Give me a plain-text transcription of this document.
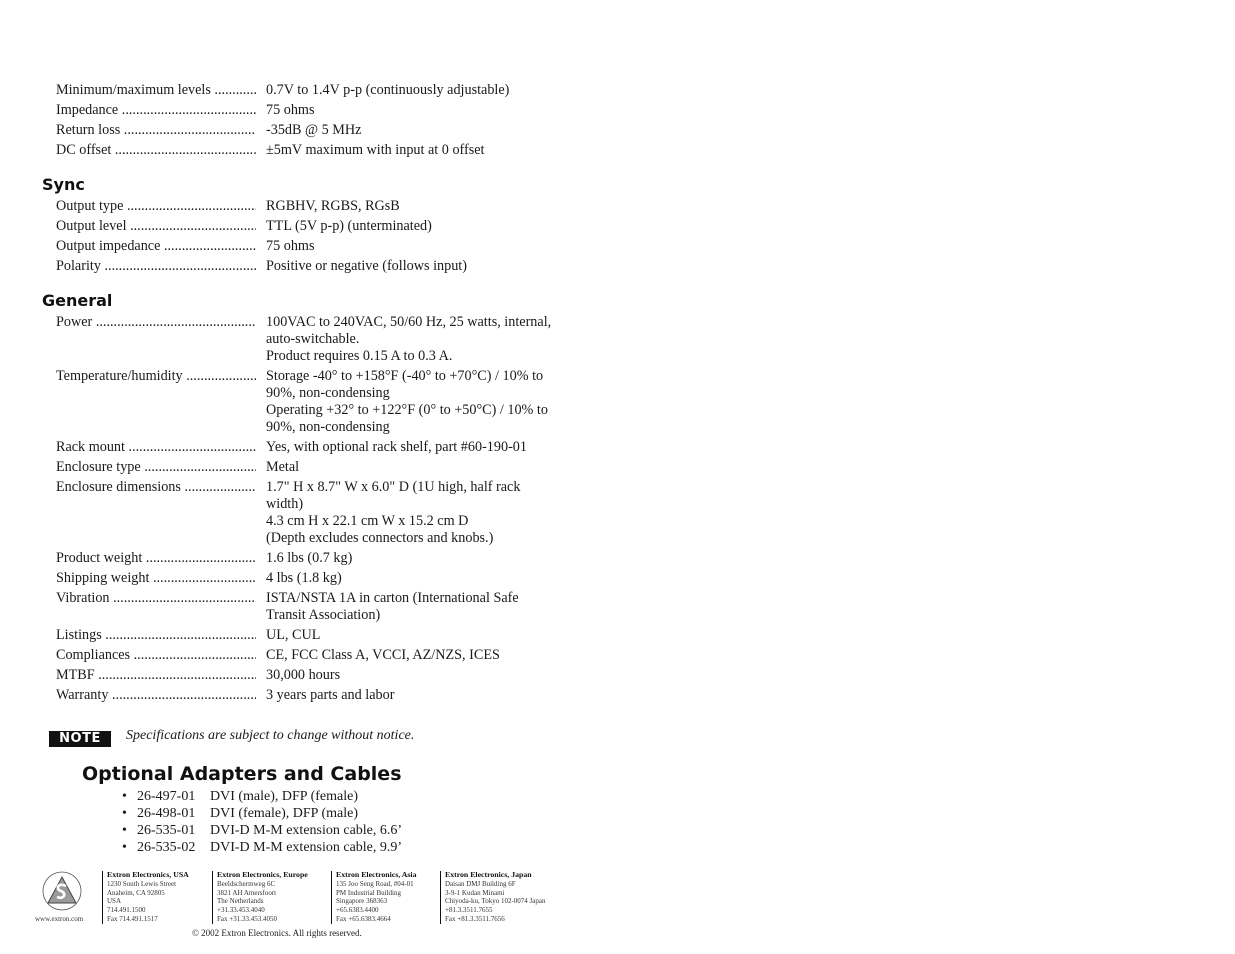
Minimum/maximum levels .....	0.7V to 1.4V p-p (continuously adjustable)
Impedance .....	75 ohms
Return loss .....	-35dB @ 5 MHz
DC offset .....	±5mV maximum with input at 0 offset
Sync
Output type .....	RGBHV, RGBS, RGsB
Output level .....	TTL (5V p-p) (unterminated)
Output impedance .....	75 ohms
Polarity .....	Positive or negative (follows input)
General
Power .....	100VAC to 240VAC, 50/60 Hz, 25 watts, internal,
auto-switchable.
Product requires 0.15 A to 0.3 A.
Temperature/humidity .....	Storage -40° to +158°F (-40° to +70°C) / 10% to
90%, non-condensing
Operating +32° to +122°F (0° to +50°C) / 10% to
90%, non-condensing
Rack mount .....	Yes, with optional rack shelf, part #60-190-01
Enclosure type .....	Metal
Enclosure dimensions .....	1.7" H x 8.7" W x 6.0" D (1U high, half rack
width)
4.3 cm H x 22.1 cm W x 15.2 cm D
(Depth excludes connectors and knobs.)
Product weight .....	1.6 lbs (0.7 kg)
Shipping weight .....	4 lbs (1.8 kg)
Vibration .....	ISTA/NSTA 1A in carton (International Safe
Transit Association)
Listings .....	UL, CUL
Compliances .....	CE, FCC Class A, VCCI, AZ/NZS, ICES
MTBF .....	30,000 hours
Warranty .....	3 years parts and labor
NOTE	Specifications are subject to change without notice.
Optional Adapters and Cables
• 26-497-01 DVI (male), DFP (female)
• 26-498-01 DVI (female), DFP (male)
• 26-535-01 DVI-D M-M extension cable, 6.6’
• 26-535-02 DVI-D M-M extension cable, 9.9’
www.extron.com
Extron Electronics, USA
1230 South Lewis Street
Anaheim, CA 92805
USA
714.491.1500
Fax 714.491.1517
Extron Electronics, Europe
Beeldschermweg 6C
3821 AH Amersfoort
The Netherlands
+31.33.453.4040
Fax +31.33.453.4050
Extron Electronics, Asia
135 Joo Seng Road, #04-01
PM Industrial Building
Singapore 368363
+65.6383.4400
Fax +65.6383.4664
Extron Electronics, Japan
Daisan DMJ Building 6F
3-9-1 Kudan Minami
Chiyoda-ku, Tokyo 102-0074 Japan
+81.3.3511.7655
Fax +81.3.3511.7656
© 2002 Extron Electronics. All rights reserved.
